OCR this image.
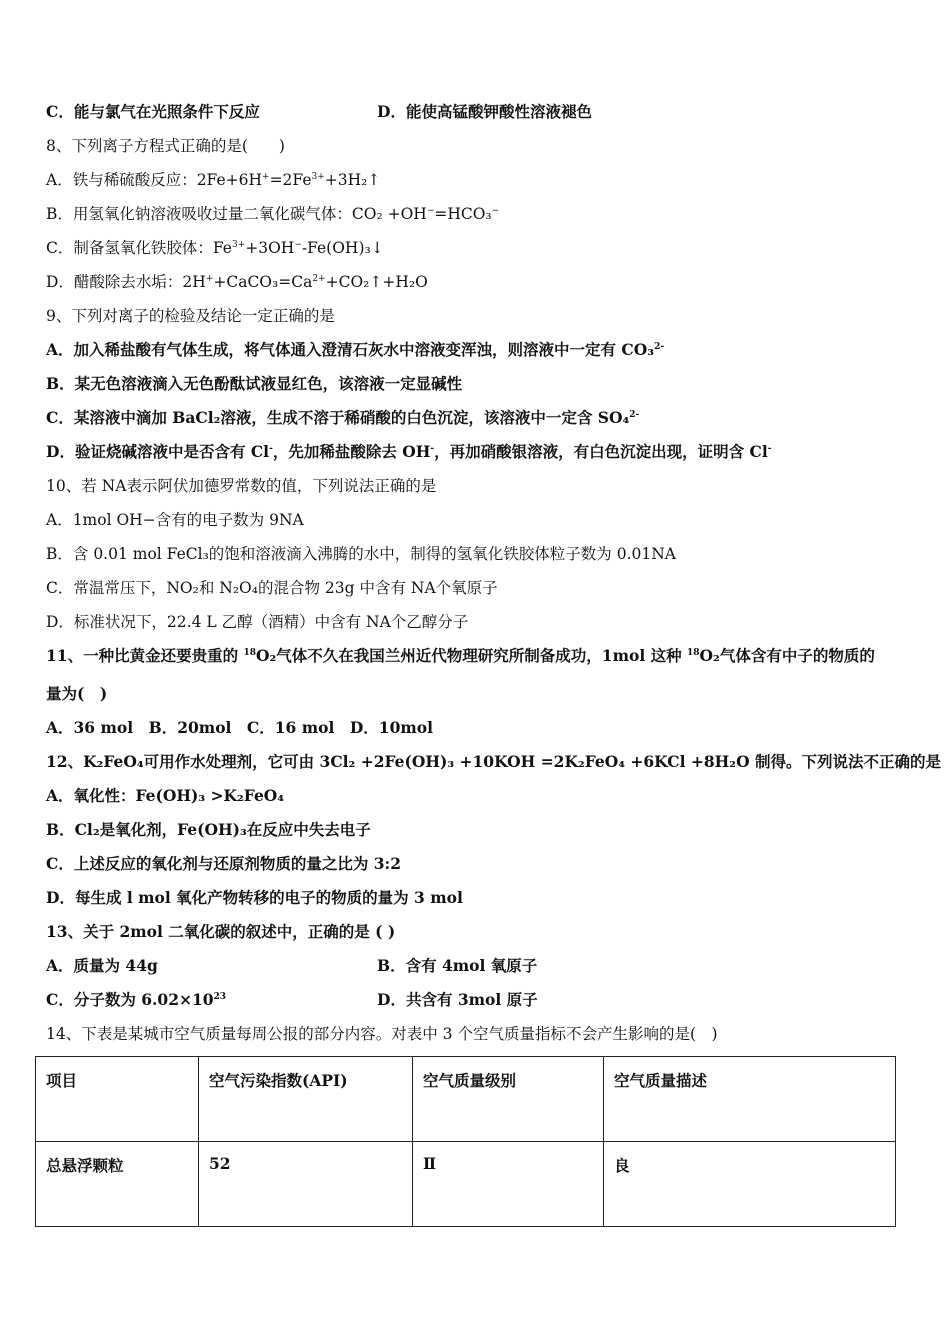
C．能与氯气在光照条件下反应	D．能使高锰酸钾酸性溶液褪色
8、下列离子方程式正确的是(　　)
A．铁与稀硫酸反应：$2Fe+6H^+=2Fe^{3+}+3H_2↑$
B．用氢氧化钠溶液吸收过量二氧化碳气体：CO₂ +OH−=HCO₃−
C．制备氢氧化铁胶体：$Fe^{3+}+3OH^--Fe(OH)_3↓$
D．醋酸除去水垢：$2H^++CaCO_3=Ca^{2+}+CO_2↑+H_2O$
9、下列对离子的检验及结论一定正确的是
A．加入稀盐酸有气体生成，将气体通入澄清石灰水中溶液变浑浊，则溶液中一定有 CO₃$^{2-}$
B．某无色溶液滴入无色酚酞试液显红色，该溶液一定显碱性
C．某溶液中滴加 BaCl₂溶液，生成不溶于稀硝酸的白色沉淀，该溶液中一定含 SO₄$^{2-}$
D．验证烧碱溶液中是否含有 Cl-，先加稀盐酸除去 OH-，再加硝酸银溶液，有白色沉淀出现，证明含 Cl-
10、若 NA表示阿伏加德罗常数的值，下列说法正确的是
A．1mol OH−含有的电子数为 9NA
B．含 0.01 mol FeCl₃的饱和溶液滴入沸腾的水中，制得的氢氧化铁胶体粒子数为 0.01NA
C．常温常压下，NO₂和 N₂O₄的混合物 23g 中含有 NA个氧原子
D．标准状况下，22.4 L 乙醇（酒精）中含有 NA个乙醇分子
11、一种比黄金还要贵重的 $^{18}$O₂气体不久在我国兰州近代物理研究所制备成功，1mol 这种 $^{18}$O₂气体含有中子的物质的
量为(　)
A．36 mol　B．20mol　C．16 mol　D．10mol
12、K₂FeO₄可用作水处理剂，它可由 3Cl₂ +2Fe(OH)₃ +10KOH =2K₂FeO₄ +6KCl +8H₂O 制得。下列说法不正确的是
A．氧化性：Fe(OH)₃ >K₂FeO₄
B．Cl₂是氧化剂，Fe(OH)₃在反应中失去电子
C．上述反应的氧化剂与还原剂物质的量之比为 3:2
D．每生成 l mol 氧化产物转移的电子的物质的量为 3 mol
13、关于 2mol 二氧化碳的叙述中，正确的是 ( )
A．质量为 44g	B．含有 4mol 氧原子
C．分子数为 $6.02\times 10^{23}$	D．共含有 3mol 原子
14、下表是某城市空气质量每周公报的部分内容。对表中 3 个空气质量指标不会产生影响的是(　)
项目	空气污染指数(API)	空气质量级别	空气质量描述
总悬浮颗粒	52	Ⅱ	良
